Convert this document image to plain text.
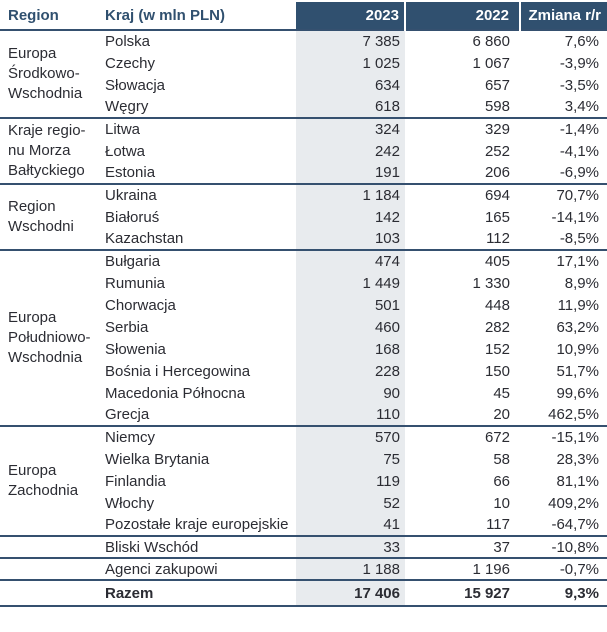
Region	Kraj (w mln PLN)	2023	2022	Zmiana r/r

Europa
Środkowo-
Wschodnia	Polska	7 385	6 860	7,6%
	Czechy	1 025	1 067	-3,9%
	Słowacja	634	657	-3,5%
	Węgry	618	598	3,4%

Kraje regio-
nu Morza
Bałtyckiego	Litwa	324	329	-1,4%
	Łotwa	242	252	-4,1%
	Estonia	191	206	-6,9%

Region
Wschodni	Ukraina	1 184	694	70,7%
	Białoruś	142	165	-14,1%
	Kazachstan	103	112	-8,5%

Europa
Południowo-
Wschodnia	Bułgaria	474	405	17,1%
	Rumunia	1 449	1 330	8,9%
	Chorwacja	501	448	11,9%
	Serbia	460	282	63,2%
	Słowenia	168	152	10,9%
	Bośnia i Hercegowina	228	150	51,7%
	Macedonia Północna	90	45	99,6%
	Grecja	110	20	462,5%

Europa
Zachodnia	Niemcy	570	672	-15,1%
	Wielka Brytania	75	58	28,3%
	Finlandia	119	66	81,1%
	Włochy	52	10	409,2%
	Pozostałe kraje europejskie	41	117	-64,7%
	Bliski Wschód	33	37	-10,8%
	Agenci zakupowi	1 188	1 196	-0,7%
	Razem	17 406	15 927	9,3%
